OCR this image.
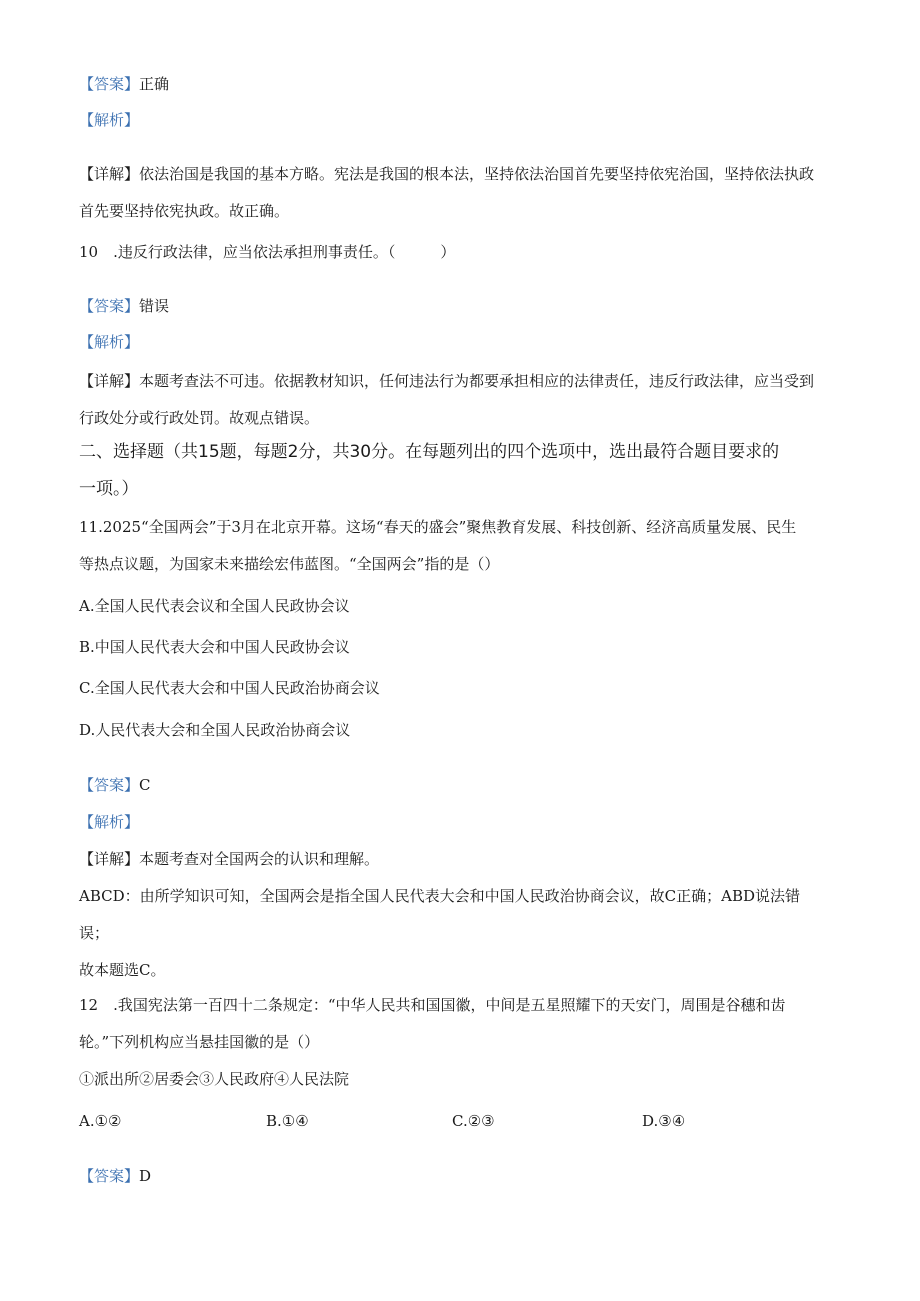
【答案】正确
【解析】
【详解】依法治国是我国的基本方略。宪法是我国的根本法，坚持依法治国首先要坚持依宪治国，坚持依法执政
首先要坚持依宪执政。故正确。
10　.违反行政法律，应当依法承担刑事责任。（　　　）
【答案】错误
【解析】
【详解】本题考查法不可违。依据教材知识，任何违法行为都要承担相应的法律责任，违反行政法律，应当受到
行政处分或行政处罚。故观点错误。
二、选择题（共15题，每题2分，共30分。在每题列出的四个选项中，选出最符合题目要求的
一项。）
11.2025“全国两会”于3月在北京开幕。这场“春天的盛会”聚焦教育发展、科技创新、经济高质量发展、民生
等热点议题，为国家未来描绘宏伟蓝图。“全国两会”指的是（）
A.全国人民代表会议和全国人民政协会议
B.中国人民代表大会和中国人民政协会议
C.全国人民代表大会和中国人民政治协商会议
D.人民代表大会和全国人民政治协商会议
【答案】C
【解析】
【详解】本题考查对全国两会的认识和理解。
ABCD：由所学知识可知，全国两会是指全国人民代表大会和中国人民政治协商会议，故C正确；ABD说法错
误；
故本题选C。
12　.我国宪法第一百四十二条规定：“中华人民共和国国徽，中间是五星照耀下的天安门，周围是谷穗和齿
轮。”下列机构应当悬挂国徽的是（）
①派出所②居委会③人民政府④人民法院
A.①②	B.①④	C.②③	D.③④
【答案】D
